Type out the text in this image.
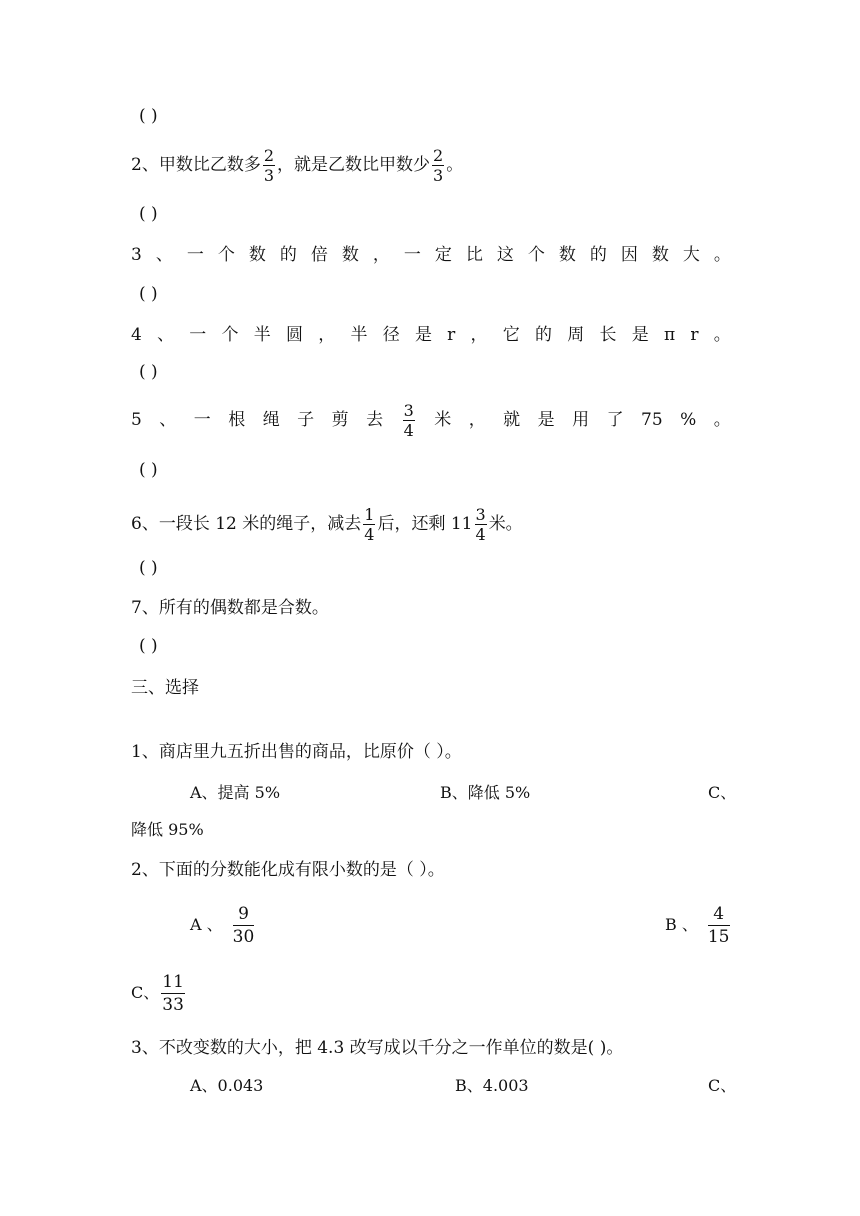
( )
2、甲数比乙数多 $\frac{2}{3}$ ，就是乙数比甲数少 $\frac{2}{3}$ 。
( )
3 、 一 个 数 的 倍 数 ， 一 定 比 这 个 数 的 因 数 大 。
( )
4 、 一 个 半 圆 ， 半 径 是 r ， 它 的 周 长 是 π r 。
( )
5 、 一 根 绳 子 剪 去 $\frac{3}{4}$ 米 ， 就 是 用 了 75 % 。
( )
6、一段长 12 米的绳子，减去 $\frac{1}{4}$ 后，还剩 $11 \frac{3}{4}$ 米。
( )
7、所有的偶数都是合数。
( )
三、选择
1、商店里九五折出售的商品，比原价（ ）。
A、提高 5%	B、降低 5%	C、
降低 95%
2、下面的分数能化成有限小数的是（ ）。
A 、 $\frac{9}{30}$	B 、 $\frac{4}{15}$
C、 $\frac{11}{33}$
3、不改变数的大小，把 4.3 改写成以千分之一作单位的数是( )。
A、0.043	B、4.003	C、
